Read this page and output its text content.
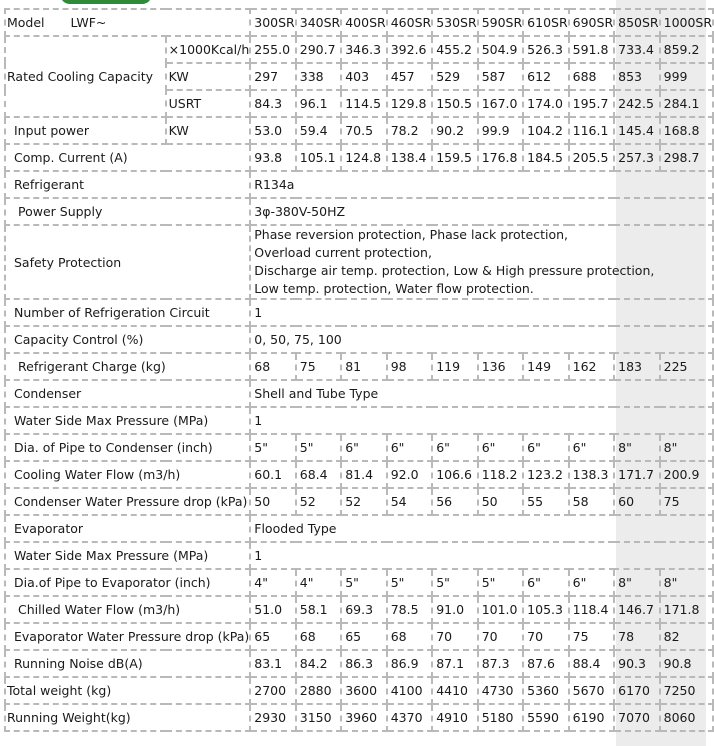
Model LWF~		300SR	340SR	400SR	460SR	530SR	590SR	610SR	690SR	850SR	1000SR
Rated Cooling Capacity	×1000Kcal/h	255.0	290.7	346.3	392.6	455.2	504.9	526.3	591.8	733.4	859.2
	KW	297	338	403	457	529	587	612	688	853	999
	USRT	84.3	96.1	114.5	129.8	150.5	167.0	174.0	195.7	242.5	284.1
Input power	KW	53.0	59.4	70.5	78.2	90.2	99.9	104.2	116.1	145.4	168.8
Comp. Current (A)		93.8	105.1	124.8	138.4	159.5	176.8	184.5	205.5	257.3	298.7
Refrigerant		R134a									
Power Supply		3φ-380V-50HZ									
Safety Protection		Phase reversion protection, Phase lack protection,
Overload current protection,
Discharge air temp. protection, Low & High pressure protection,
Low temp. protection, Water flow protection.									

Number of Refrigeration Circuit		1									
Capacity Control (%)		0, 50, 75, 100									
Refrigerant Charge (kg)		68	75	81	98	119	136	149	162	183	225
Condenser		Shell and Tube Type									
Water Side Max Pressure (MPa)		1									
Dia. of Pipe to Condenser (inch)		5"	5"	6"	6"	6"	6"	6"	6"	8"	8"
Cooling Water Flow (m3/h)		60.1	68.4	81.4	92.0	106.6	118.2	123.2	138.3	171.7	200.9
Condenser Water Pressure drop (kPa)		50	52	52	54	56	50	55	58	60	75
Evaporator		Flooded Type									
Water Side Max Pressure (MPa)		1									
Dia.of Pipe to Evaporator (inch)		4"	4"	5"	5"	5"	5"	6"	6"	8"	8"
Chilled Water Flow (m3/h)		51.0	58.1	69.3	78.5	91.0	101.0	105.3	118.4	146.7	171.8
Evaporator Water Pressure drop (kPa)		65	68	65	68	70	70	70	75	78	82
Running Noise dB(A)		83.1	84.2	86.3	86.9	87.1	87.3	87.6	88.4	90.3	90.8
Total weight (kg)		2700	2880	3600	4100	4410	4730	5360	5670	6170	7250
Running Weight(kg)		2930	3150	3960	4370	4910	5180	5590	6190	7070	8060
